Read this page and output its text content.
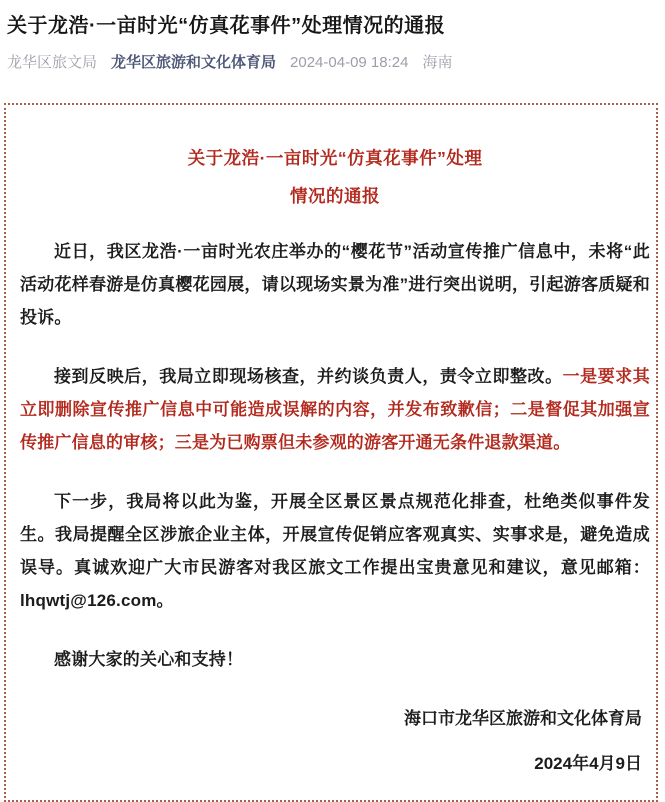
关于龙浩·一亩时光“仿真花事件”处理情况的通报
龙华区旅文局 龙华区旅游和文化体育局 2024-04-09 18:24 海南
关于龙浩·一亩时光“仿真花事件”处理
情况的通报

近日，我区龙浩·一亩时光农庄举办的“樱花节”活动宣传推广信息中，未将“此活动花样春游是仿真樱花园展，请以现场实景为准”进行突出说明，引起游客质疑和投诉。

接到反映后，我局立即现场核查，并约谈负责人，责令立即整改。一是要求其立即删除宣传推广信息中可能造成误解的内容，并发布致歉信；二是督促其加强宣传推广信息的审核；三是为已购票但未参观的游客开通无条件退款渠道。

下一步，我局将以此为鉴，开展全区景区景点规范化排查，杜绝类似事件发生。我局提醒全区涉旅企业主体，开展宣传促销应客观真实、实事求是，避免造成误导。真诚欢迎广大市民游客对我区旅文工作提出宝贵意见和建议，意见邮箱：lhqwtj@126.com。

感谢大家的关心和支持！

海口市龙华区旅游和文化体育局
2024年4月9日
